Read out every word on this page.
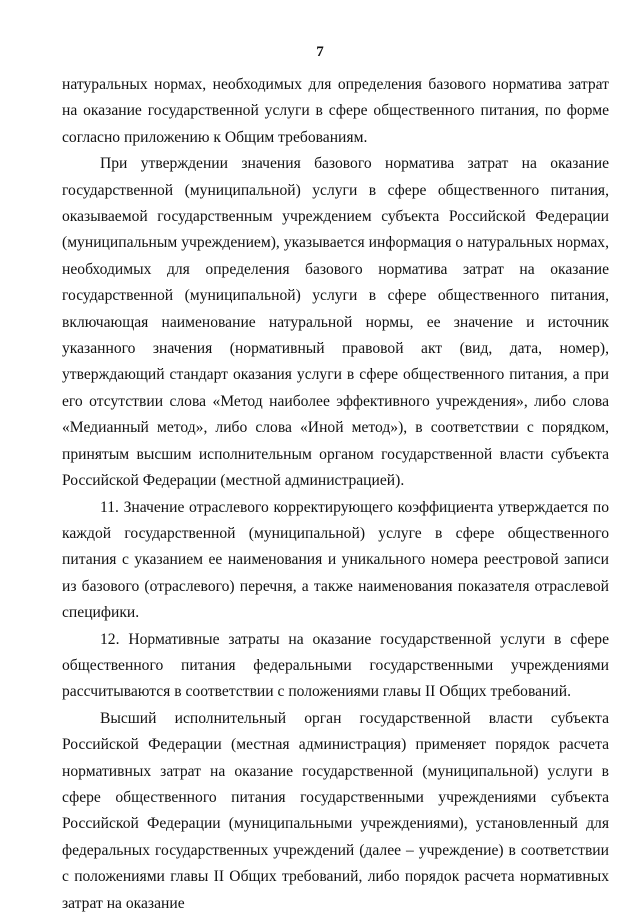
7

натуральных нормах, необходимых для определения базового норматива затрат на оказание государственной услуги в сфере общественного питания, по форме согласно приложению к Общим требованиям.

При утверждении значения базового норматива затрат на оказание государственной (муниципальной) услуги в сфере общественного питания, оказываемой государственным учреждением субъекта Российской Федерации (муниципальным учреждением), указывается информация о натуральных нормах, необходимых для определения базового норматива затрат на оказание государственной (муниципальной) услуги в сфере общественного питания, включающая наименование натуральной нормы, ее значение и источник указанного значения (нормативный правовой акт (вид, дата, номер), утверждающий стандарт оказания услуги в сфере общественного питания, а при его отсутствии слова «Метод наиболее эффективного учреждения», либо слова «Медианный метод», либо слова «Иной метод»), в соответствии с порядком, принятым высшим исполнительным органом государственной власти субъекта Российской Федерации (местной администрацией).

11. Значение отраслевого корректирующего коэффициента утверждается по каждой государственной (муниципальной) услуге в сфере общественного питания с указанием ее наименования и уникального номера реестровой записи из базового (отраслевого) перечня, а также наименования показателя отраслевой специфики.

12. Нормативные затраты на оказание государственной услуги в сфере общественного питания федеральными государственными учреждениями рассчитываются в соответствии с положениями главы II Общих требований.

Высший исполнительный орган государственной власти субъекта Российской Федерации (местная администрация) применяет порядок расчета нормативных затрат на оказание государственной (муниципальной) услуги в сфере общественного питания государственными учреждениями субъекта Российской Федерации (муниципальными учреждениями), установленный для федеральных государственных учреждений (далее – учреждение) в соответствии с положениями главы II Общих требований, либо порядок расчета нормативных затрат на оказание
